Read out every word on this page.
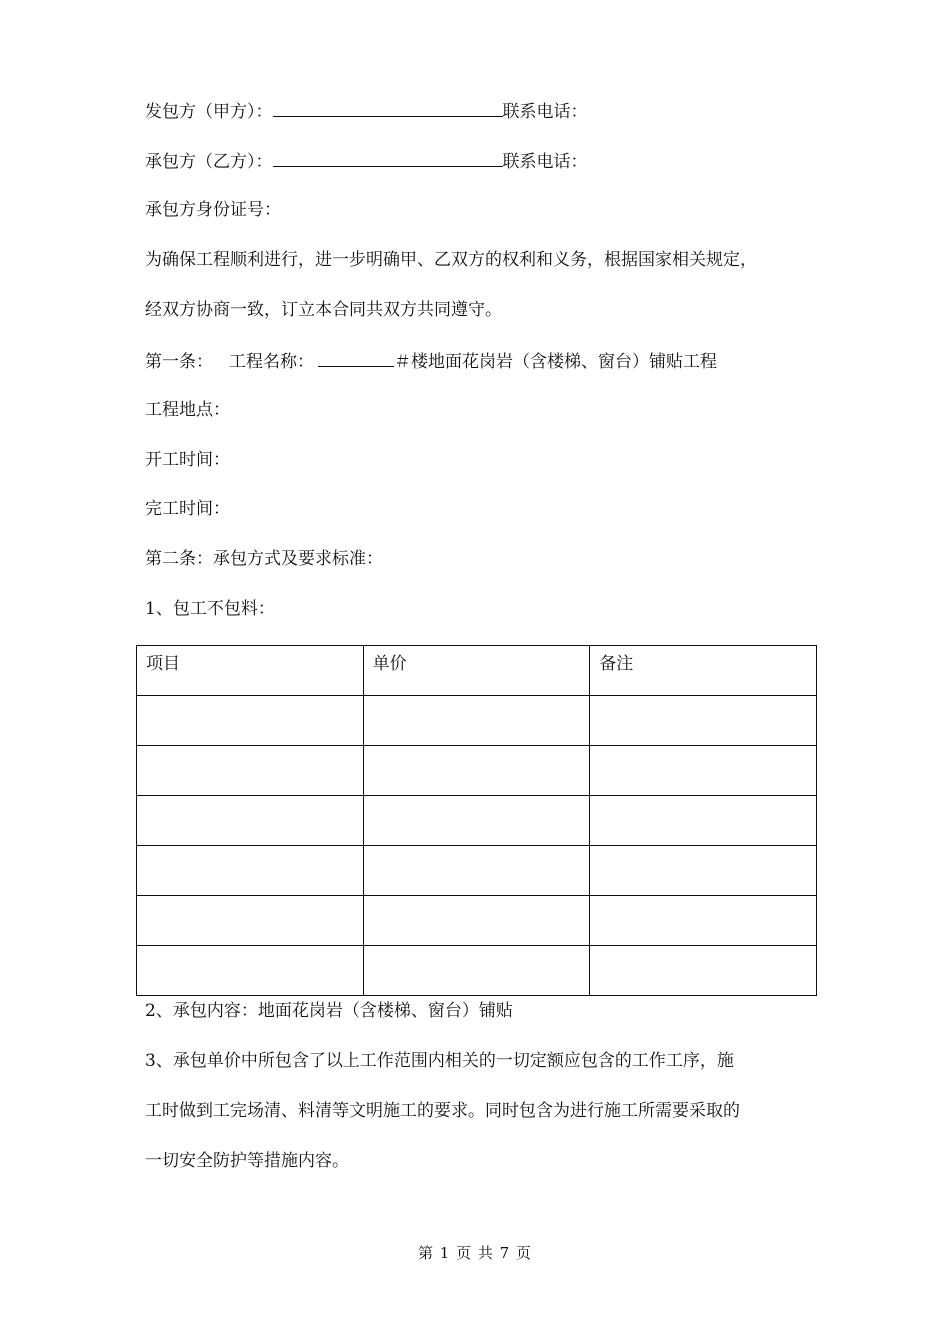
发包方（甲方）：	联系电话：
承包方（乙方）：	联系电话：
承包方身份证号：
为确保工程顺利进行，进一步明确甲、乙双方的权利和义务，根据国家相关规定，
经双方协商一致，订立本合同共双方共同遵守。
第一条： 工程名称：	＃楼地面花岗岩（含楼梯、窗台）铺贴工程
工程地点：
开工时间：
完工时间：
第二条：承包方式及要求标准：
1、包工不包料：
项目	单价	备注

2、承包内容：地面花岗岩（含楼梯、窗台）铺贴
3、承包单价中所包含了以上工作范围内相关的一切定额应包含的工作工序，施
工时做到工完场清、料清等文明施工的要求。同时包含为进行施工所需要采取的
一切安全防护等措施内容。
第 1 页 共 7 页
